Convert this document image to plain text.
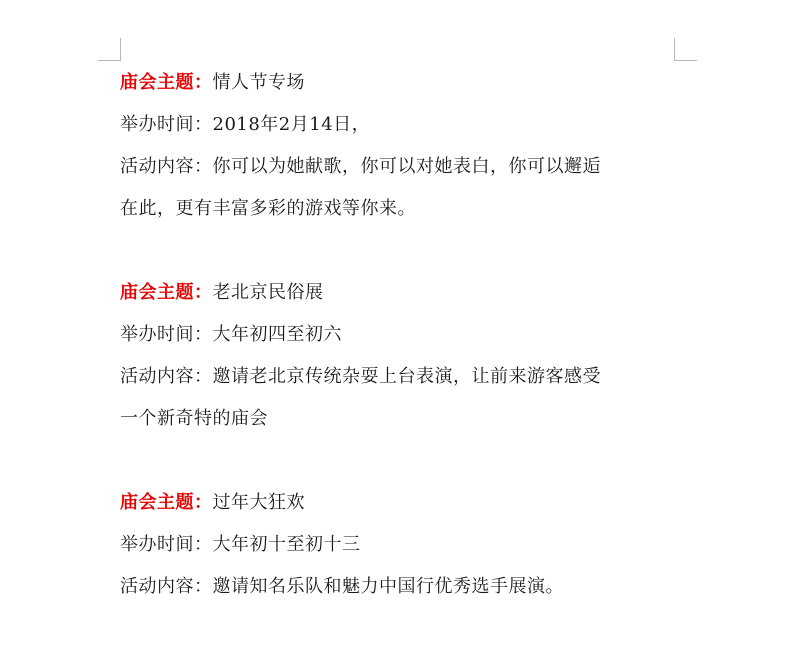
庙会主题：情人节专场
举办时间：2018年2月14日，
活动内容：你可以为她献歌，你可以对她表白，你可以邂逅
在此，更有丰富多彩的游戏等你来。
庙会主题：老北京民俗展
举办时间：大年初四至初六
活动内容：邀请老北京传统杂耍上台表演，让前来游客感受
一个新奇特的庙会
庙会主题：过年大狂欢
举办时间：大年初十至初十三
活动内容：邀请知名乐队和魅力中国行优秀选手展演。
